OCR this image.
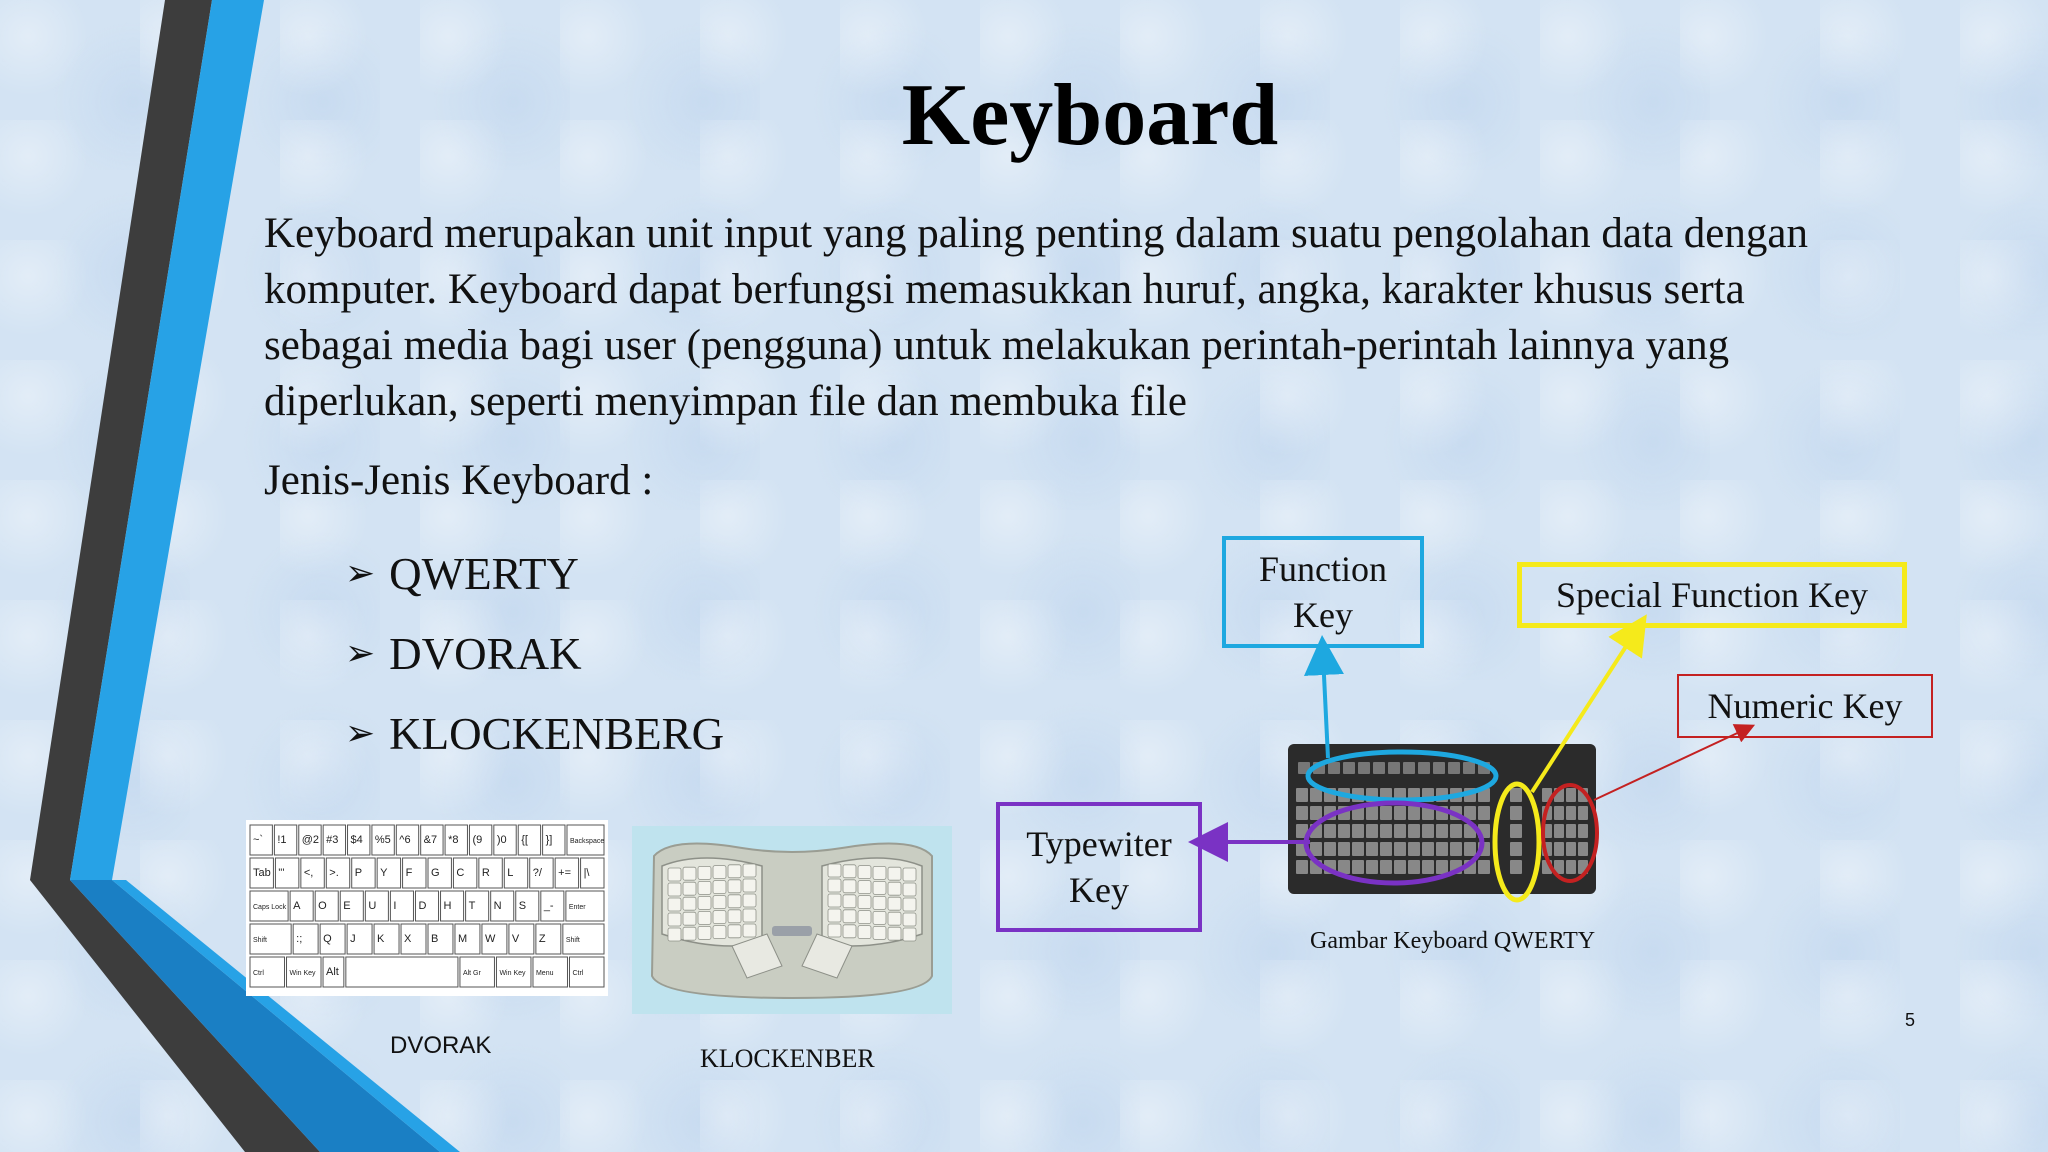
Keyboard
Keyboard merupakan unit input yang paling penting dalam suatu pengolahan data dengan komputer. Keyboard dapat berfungsi memasukkan huruf, angka, karakter khusus serta sebagai media bagi user (pengguna) untuk melakukan perintah-perintah lainnya yang diperlukan, seperti menyimpan file dan membuka file
Jenis-Jenis Keyboard :
➢ QWERTY
➢ DVORAK
➢ KLOCKENBERG
~` !1 @2 #3 $4 %5 ^6 &7 *8 (9 )0 {[ }]	Backspace
Tab "' <, >. P Y F G C R L ?/ += |\
Caps Lock A O E U I D H T N S _- Enter
Shift	:; Q J K X B M W V Z	Shift
Ctrl	Win Key Alt	Alt Gr	Win Key Menu	Ctrl
DVORAK	KLOCKENBER
Function Key	Special Function Key
Numeric Key
Typewiter Key
Gambar Keyboard QWERTY
5
